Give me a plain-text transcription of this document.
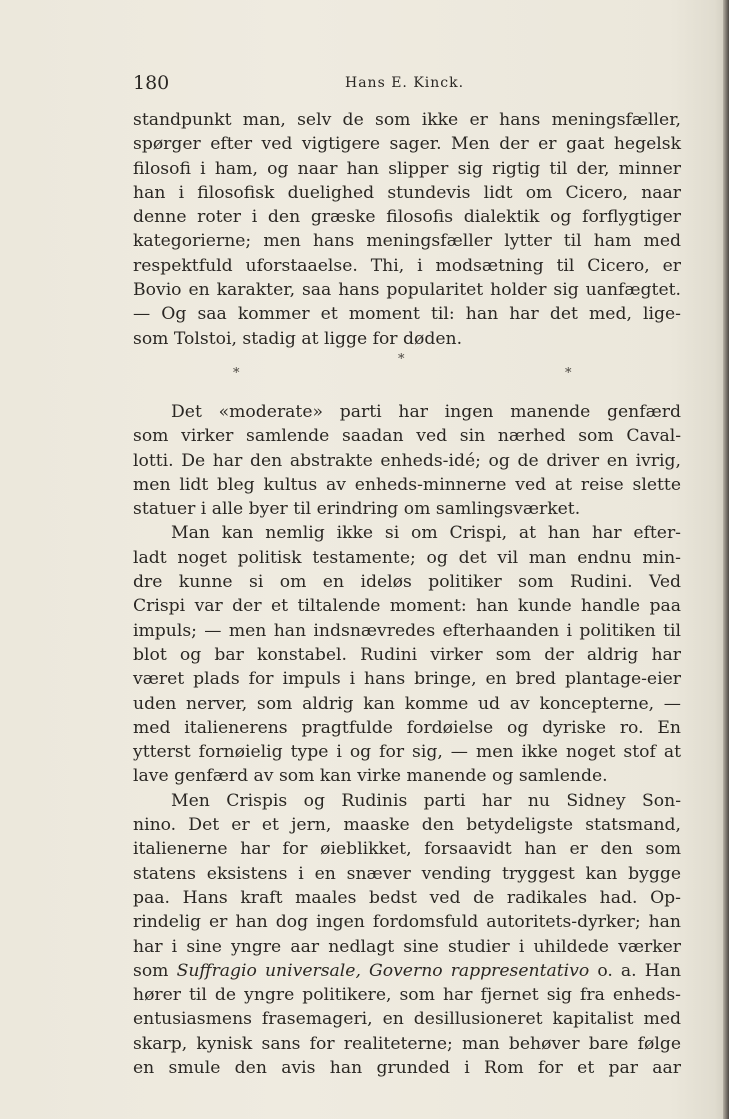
180	Hans E. Kinck.
standpunkt man, selv de som ikke er hans meningsfæller,
spørger efter ved vigtigere sager. Men der er gaat hegelsk
filosofi i ham, og naar han slipper sig rigtig til der, minner
han i filosofisk duelighed stundevis lidt om Cicero, naar
denne roter i den græske filosofis dialektik og forflygtiger
kategorierne; men hans meningsfæller lytter til ham med
respektfuld uforstaaelse. Thi, i modsætning til Cicero, er
Bovio en karakter, saa hans popularitet holder sig uanfægtet.
— Og saa kommer et moment til: han har det med, lige-
som Tolstoi, stadig at ligge for døden.
*
*	*
Det «moderate» parti har ingen manende genfærd
som virker samlende saadan ved sin nærhed som Caval-
lotti. De har den abstrakte enheds-idé; og de driver en ivrig,
men lidt bleg kultus av enheds-minnerne ved at reise slette
statuer i alle byer til erindring om samlingsværket.
Man kan nemlig ikke si om Crispi, at han har efter-
ladt noget politisk testamente; og det vil man endnu min-
dre kunne si om en ideløs politiker som Rudini. Ved
Crispi var der et tiltalende moment: han kunde handle paa
impuls; — men han indsnævredes efterhaanden i politiken til
blot og bar konstabel. Rudini virker som der aldrig har
været plads for impuls i hans bringe, en bred plantage-eier
uden nerver, som aldrig kan komme ud av koncepterne, —
med italienerens pragtfulde fordøielse og dyriske ro. En
ytterst fornøielig type i og for sig, — men ikke noget stof at
lave genfærd av som kan virke manende og samlende.
Men Crispis og Rudinis parti har nu Sidney Son-
nino. Det er et jern, maaske den betydeligste statsmand,
italienerne har for øieblikket, forsaavidt han er den som
statens eksistens i en snæver vending tryggest kan bygge
paa. Hans kraft maales bedst ved de radikales had. Op-
rindelig er han dog ingen fordomsfuld autoritets-dyrker; han
har i sine yngre aar nedlagt sine studier i uhildede værker
som Suffragio universale, Governo rappresentativo o. a. Han
hører til de yngre politikere, som har fjernet sig fra enheds-
entusiasmens frasemageri, en desillusioneret kapitalist med
skarp, kynisk sans for realiteterne; man behøver bare følge
en smule den avis han grunded i Rom for et par aar
